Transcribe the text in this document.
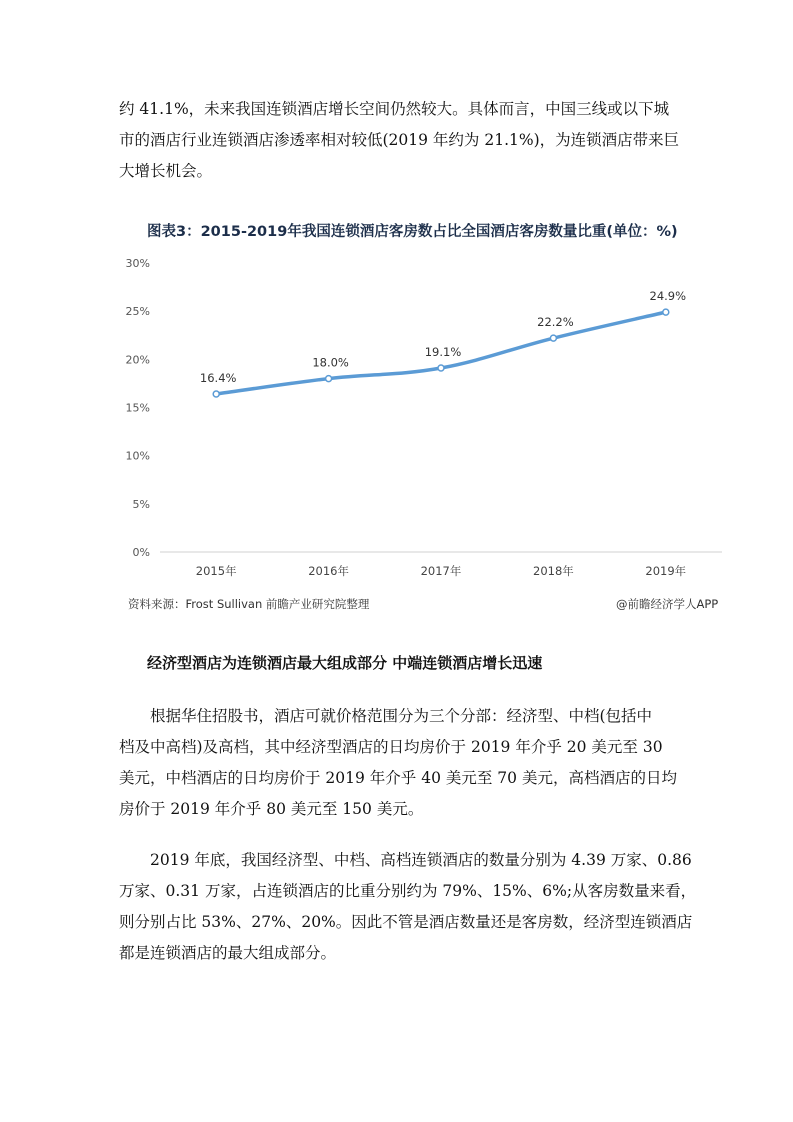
约 41.1%，未来我国连锁酒店增长空间仍然较大。具体而言，中国三线或以下城
市的酒店行业连锁酒店渗透率相对较低(2019 年约为 21.1%)，为连锁酒店带来巨
大增长机会。
图表3：2015-2019年我国连锁酒店客房数占比全国酒店客房数量比重(单位：%)
0%
5%
10%
15%
20%
25%
30%
2015年	2016年	2017年	2018年	2019年
16.4%
18.0%
19.1%
22.2%
24.9%
资料来源：Frost Sullivan 前瞻产业研究院整理	@前瞻经济学人APP
经济型酒店为连锁酒店最大组成部分 中端连锁酒店增长迅速
根据华住招股书，酒店可就价格范围分为三个分部：经济型、中档(包括中
档及中高档)及高档，其中经济型酒店的日均房价于 2019 年介乎 20 美元至 30
美元，中档酒店的日均房价于 2019 年介乎 40 美元至 70 美元，高档酒店的日均
房价于 2019 年介乎 80 美元至 150 美元。
2019 年底，我国经济型、中档、高档连锁酒店的数量分别为 4.39 万家、0.86
万家、0.31 万家，占连锁酒店的比重分别约为 79%、15%、6%;从客房数量来看，
则分别占比 53%、27%、20%。因此不管是酒店数量还是客房数，经济型连锁酒店
都是连锁酒店的最大组成部分。
